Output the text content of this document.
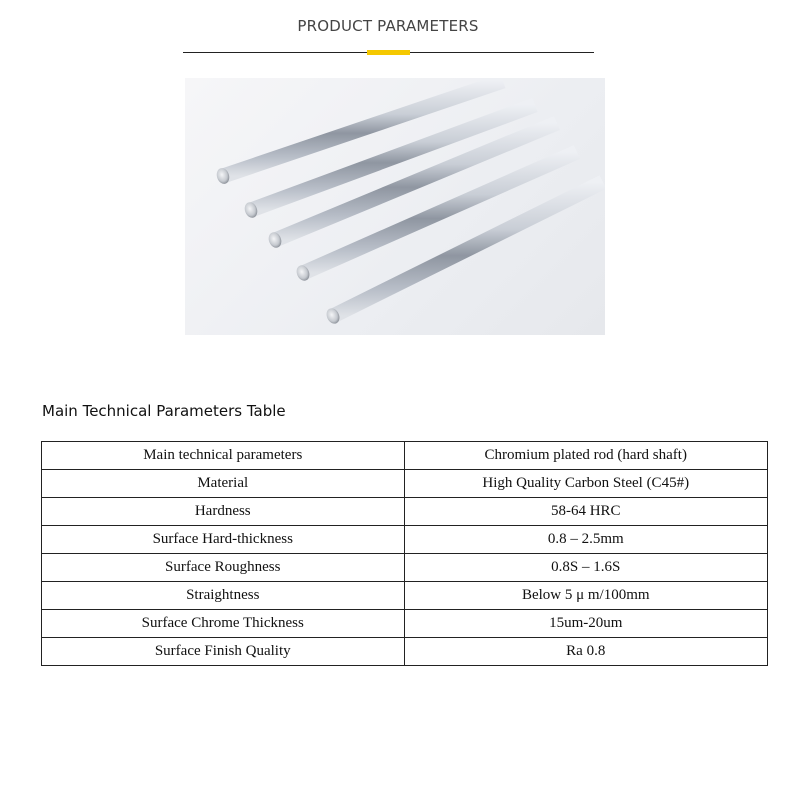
PRODUCT PARAMETERS
Main Technical Parameters Table
Main technical parameters	Chromium plated rod (hard shaft)
Material	High Quality Carbon Steel (C45#)
Hardness	58-64 HRC
Surface Hard-thickness	0.8 – 2.5mm
Surface Roughness	0.8S – 1.6S
Straightness	Below 5 μ m/100mm
Surface Chrome Thickness	15um-20um
Surface Finish Quality	Ra 0.8
